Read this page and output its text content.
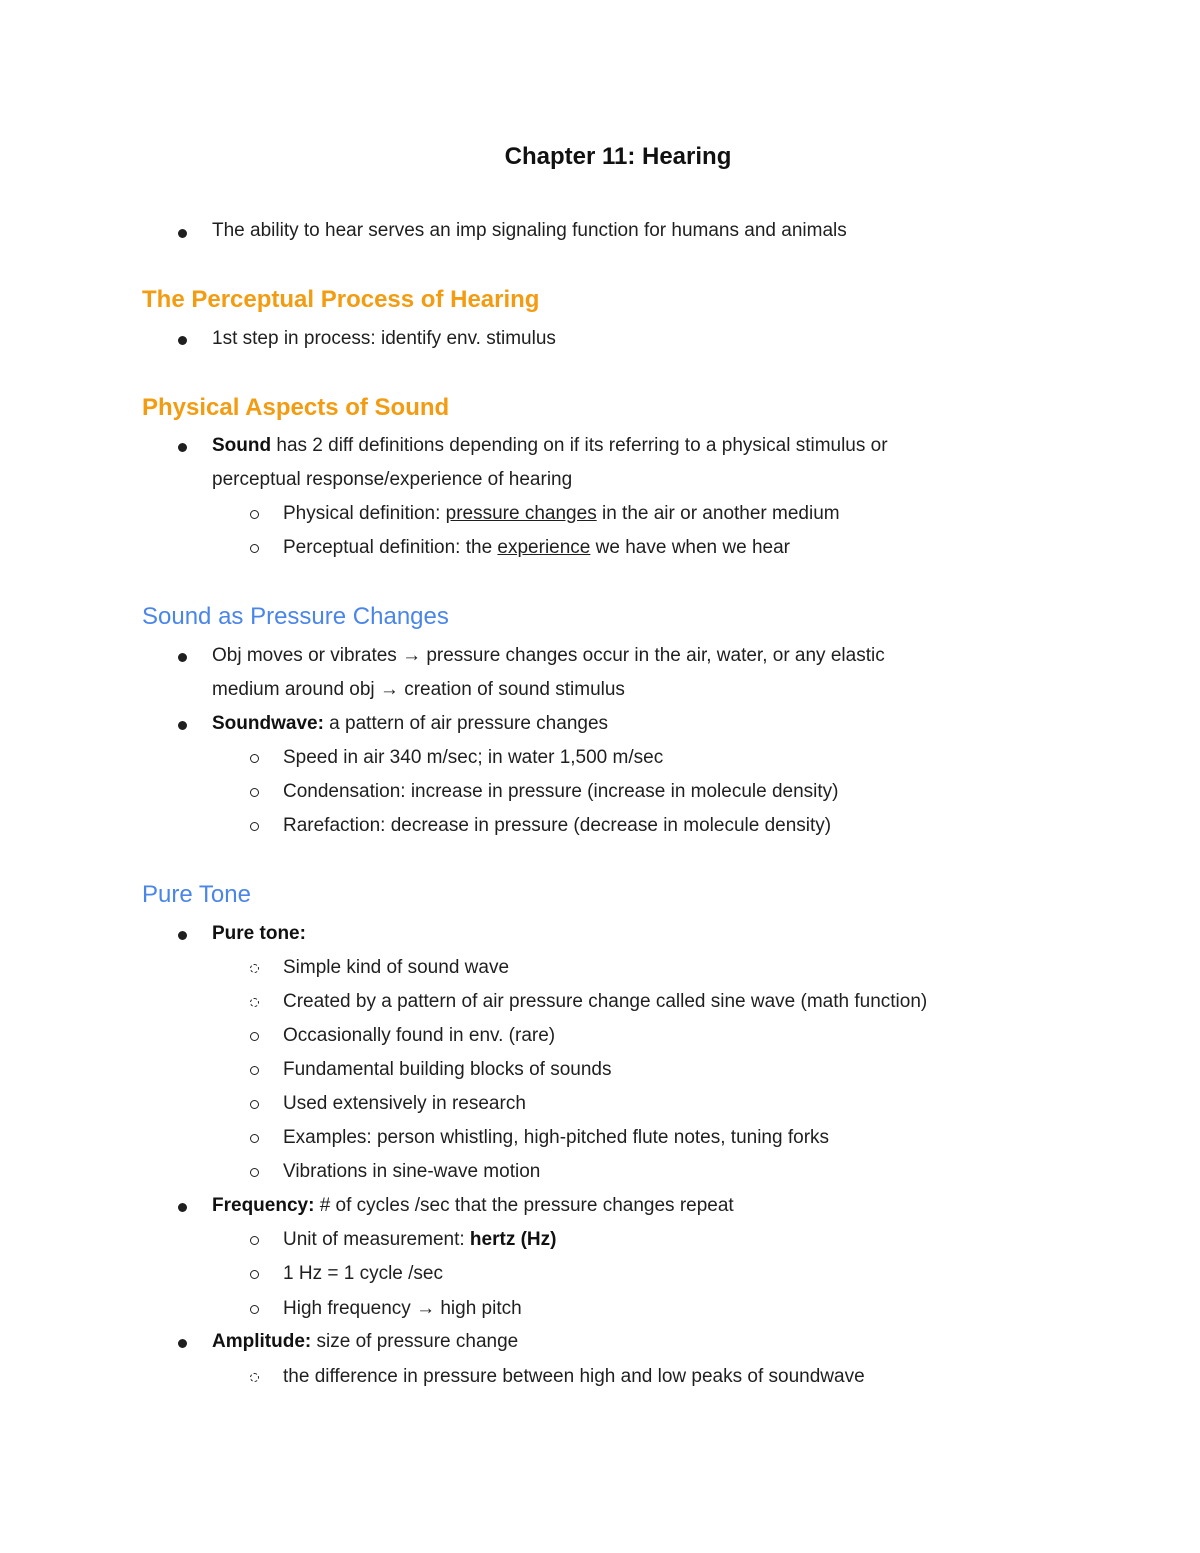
Chapter 11: Hearing
The ability to hear serves an imp signaling function for humans and animals
The Perceptual Process of Hearing
1st step in process: identify env. stimulus
Physical Aspects of Sound
Sound has 2 diff definitions depending on if its referring to a physical stimulus or
perceptual response/experience of hearing
Physical definition: pressure changes in the air or another medium
Perceptual definition: the experience we have when we hear
Sound as Pressure Changes
Obj moves or vibrates → pressure changes occur in the air, water, or any elastic
medium around obj → creation of sound stimulus
Soundwave: a pattern of air pressure changes
Speed in air 340 m/sec; in water 1,500 m/sec
Condensation: increase in pressure (increase in molecule density)
Rarefaction: decrease in pressure (decrease in molecule density)
Pure Tone
Pure tone:
Simple kind of sound wave
Created by a pattern of air pressure change called sine wave (math function)
Occasionally found in env. (rare)
Fundamental building blocks of sounds
Used extensively in research
Examples: person whistling, high-pitched flute notes, tuning forks
Vibrations in sine-wave motion
Frequency: # of cycles /sec that the pressure changes repeat
Unit of measurement: hertz (Hz)
1 Hz = 1 cycle /sec
High frequency → high pitch
Amplitude: size of pressure change
the difference in pressure between high and low peaks of soundwave
